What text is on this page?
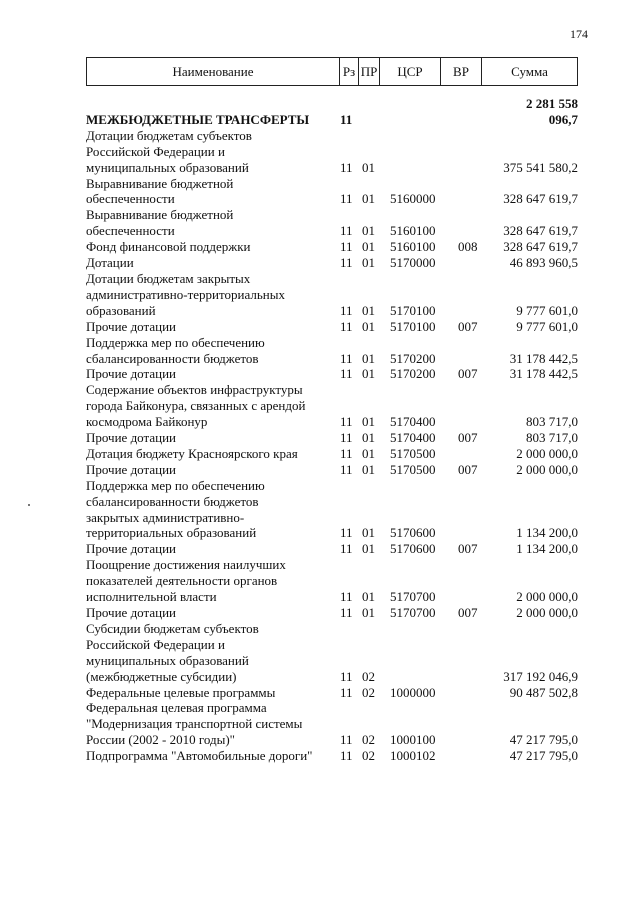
174
Наименование	Рз	ПР	ЦСР	ВР	Сумма
МЕЖБЮДЖЕТНЫЕ ТРАНСФЕРТЫ	11				2 281 558 096,7

Дотации бюджетам субъектов
Российской Федерации и
муниципальных образований	11	01			375 541 580,2

Выравнивание бюджетной
обеспеченности	11	01	5160000		328 647 619,7

Выравнивание бюджетной
обеспеченности	11	01	5160100		328 647 619,7

Фонд финансовой поддержки	11	01	5160100	008	328 647 619,7

Дотации	11	01	5170000		46 893 960,5

Дотации бюджетам закрытых
административно-территориальных
образований	11	01	5170100		9 777 601,0

Прочие дотации	11	01	5170100	007	9 777 601,0

Поддержка мер по обеспечению
сбалансированности бюджетов	11	01	5170200		31 178 442,5

Прочие дотации	11	01	5170200	007	31 178 442,5

Содержание объектов инфраструктуры
города Байконура, связанных с арендой
космодрома Байконур	11	01	5170400		803 717,0

Прочие дотации	11	01	5170400	007	803 717,0

Дотация бюджету Красноярского края	11	01	5170500		2 000 000,0

Прочие дотации	11	01	5170500	007	2 000 000,0

Поддержка мер по обеспечению
сбалансированности бюджетов
закрытых административно-
территориальных образований	11	01	5170600		1 134 200,0

Прочие дотации	11	01	5170600	007	1 134 200,0

Поощрение достижения наилучших
показателей деятельности органов
исполнительной власти	11	01	5170700		2 000 000,0

Прочие дотации	11	01	5170700	007	2 000 000,0

Субсидии бюджетам субъектов
Российской Федерации и
муниципальных образований
(межбюджетные субсидии)	11	02			317 192 046,9

Федеральные целевые программы	11	02	1000000		90 487 502,8

Федеральная целевая программа
"Модернизация транспортной системы
России (2002 - 2010 годы)"	11	02	1000100		47 217 795,0

Подпрограмма "Автомобильные дороги"	11	02	1000102		47 217 795,0
